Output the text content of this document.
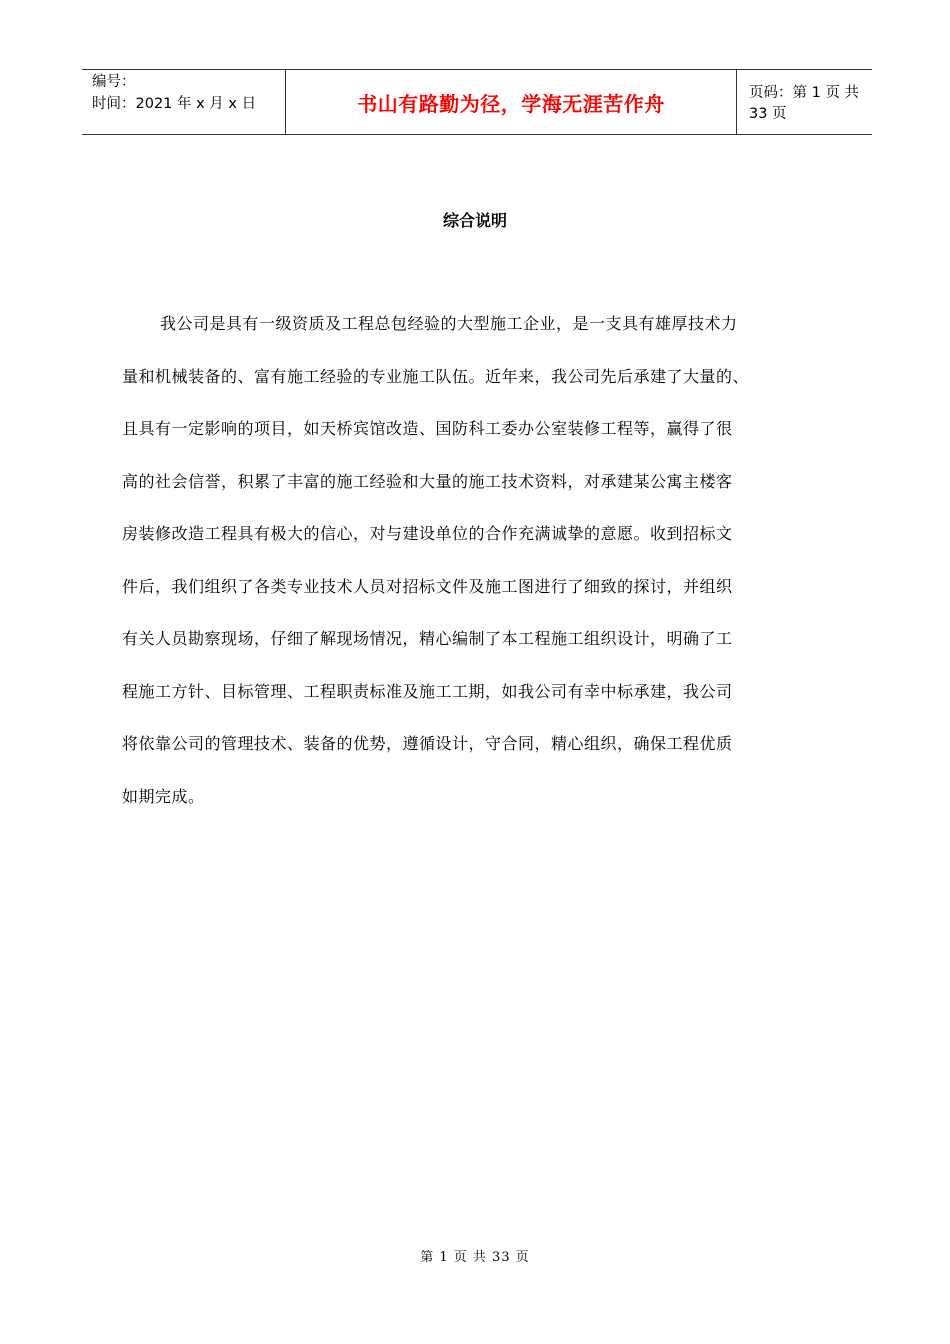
编号：
时间：2021 年 x 月 x 日	书山有路勤为径，学海无涯苦作舟	页码：第 1 页 共 33 页
综合说明
我公司是具有一级资质及工程总包经验的大型施工企业，是一支具有雄厚技术力
量和机械装备的、富有施工经验的专业施工队伍。近年来，我公司先后承建了大量的、
且具有一定影响的项目，如天桥宾馆改造、国防科工委办公室装修工程等，赢得了很
高的社会信誉，积累了丰富的施工经验和大量的施工技术资料，对承建某公寓主楼客
房装修改造工程具有极大的信心，对与建设单位的合作充满诚挚的意愿。收到招标文
件后，我们组织了各类专业技术人员对招标文件及施工图进行了细致的探讨，并组织
有关人员勘察现场，仔细了解现场情况，精心编制了本工程施工组织设计，明确了工
程施工方针、目标管理、工程职责标准及施工工期，如我公司有幸中标承建，我公司
将依靠公司的管理技术、装备的优势，遵循设计，守合同，精心组织，确保工程优质
如期完成。
第 1 页 共 33 页
